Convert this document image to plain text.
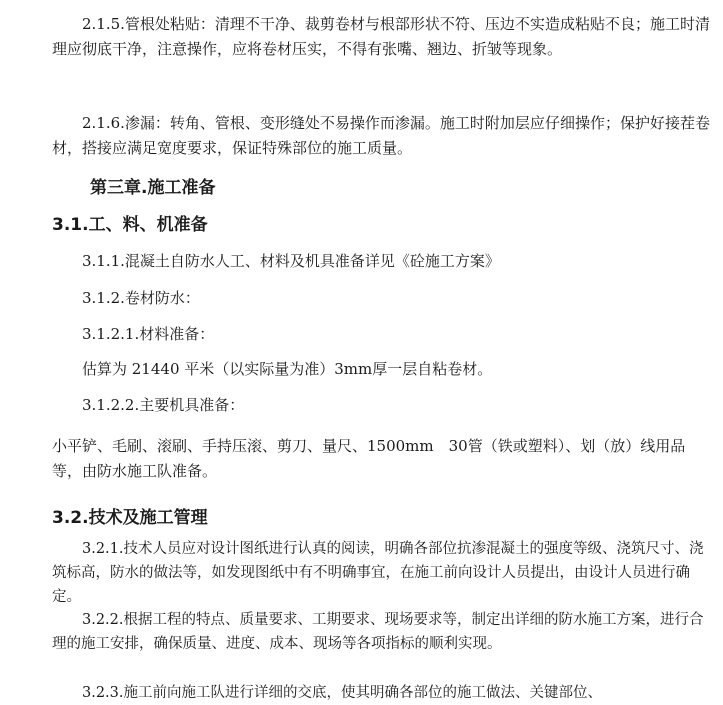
2.1.5.管根处粘贴：清理不干净、裁剪卷材与根部形状不符、压边不实造成粘贴不良；施工时清理应彻底干净，注意操作，应将卷材压实，不得有张嘴、翘边、折皱等现象。

2.1.6.渗漏：转角、管根、变形缝处不易操作而渗漏。施工时附加层应仔细操作；保护好接茬卷材，搭接应满足宽度要求，保证特殊部位的施工质量。

第三章.施工准备
3.1.工、料、机准备

3.1.1.混凝土自防水人工、材料及机具准备详见《砼施工方案》

3.1.2.卷材防水：

3.1.2.1.材料准备：

估算为 21440 平米（以实际量为准）3mm厚一层自粘卷材。

3.1.2.2.主要机具准备：

小平铲、毛刷、滚刷、手持压滚、剪刀、量尺、1500mm　30管（铁或塑料）、划（放）线用品等，由防水施工队准备。

3.2.技术及施工管理

3.2.1.技术人员应对设计图纸进行认真的阅读，明确各部位抗渗混凝土的强度等级、浇筑尺寸、浇筑标高，防水的做法等，如发现图纸中有不明确事宜，在施工前向设计人员提出，由设计人员进行确定。

3.2.2.根据工程的特点、质量要求、工期要求、现场要求等，制定出详细的防水施工方案，进行合理的施工安排，确保质量、进度、成本、现场等各项指标的顺利实现。

3.2.3.施工前向施工队进行详细的交底，使其明确各部位的施工做法、关键部位、
